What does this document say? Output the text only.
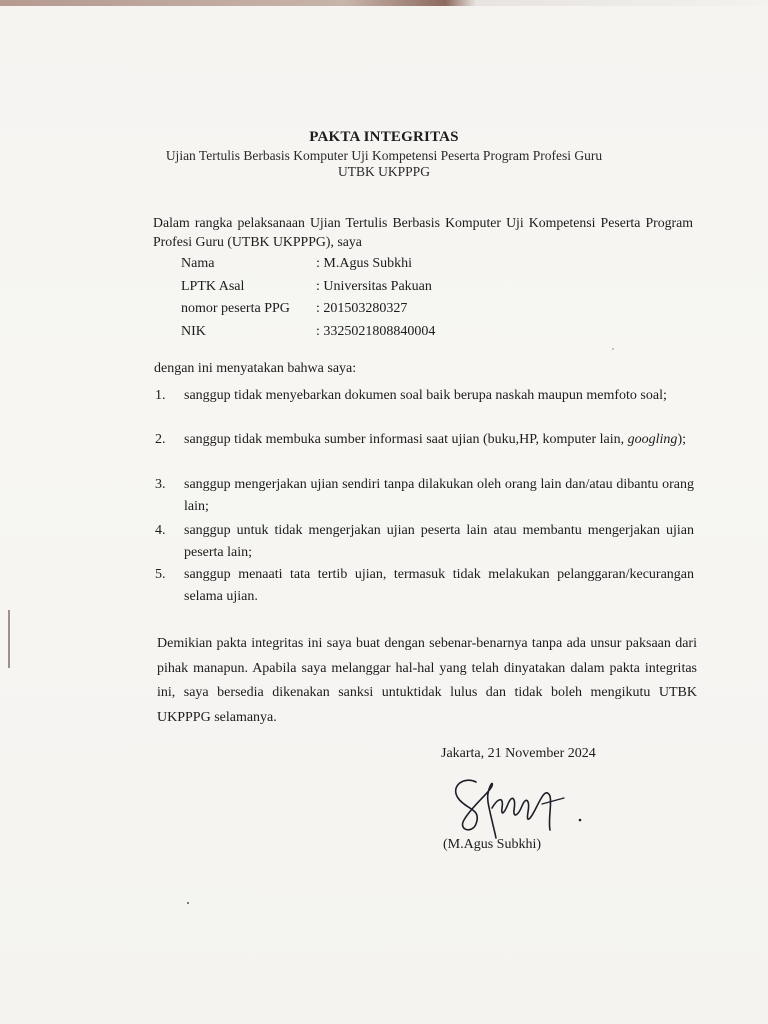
PAKTA INTEGRITAS
Ujian Tertulis Berbasis Komputer Uji Kompetensi Peserta Program Profesi Guru
UTBK UKPPPG
Dalam rangka pelaksanaan Ujian Tertulis Berbasis Komputer Uji Kompetensi Peserta Program Profesi Guru (UTBK UKPPPG), saya
Nama	: M.Agus Subkhi
LPTK Asal	: Universitas Pakuan
nomor peserta PPG	: 201503280327
NIK	: 3325021808840004
dengan ini menyatakan bahwa saya:
1. sanggup tidak menyebarkan dokumen soal baik berupa naskah maupun memfoto soal;
2. sanggup tidak membuka sumber informasi saat ujian (buku,HP, komputer lain, googling);
3. sanggup mengerjakan ujian sendiri tanpa dilakukan oleh orang lain dan/atau dibantu orang lain;
4. sanggup untuk tidak mengerjakan ujian peserta lain atau membantu mengerjakan ujian peserta lain;
5. sanggup menaati tata tertib ujian, termasuk tidak melakukan pelanggaran/kecurangan selama ujian.
Demikian pakta integritas ini saya buat dengan sebenar-benarnya tanpa ada unsur paksaan dari pihak manapun. Apabila saya melanggar hal-hal yang telah dinyatakan dalam pakta integritas ini, saya bersedia dikenakan sanksi untuktidak lulus dan tidak boleh mengikutu UTBK UKPPPG selamanya.
Jakarta, 21 November 2024
(M.Agus Subkhi)
